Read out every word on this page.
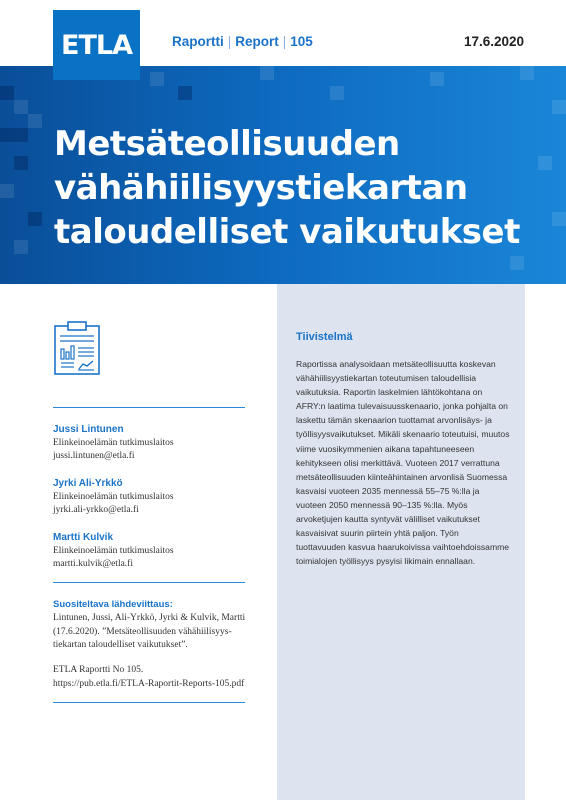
ETLA	Raportti | Report | 105	17.6.2020
Metsäteollisuuden
vähähiilisyystiekartan
taloudelliset vaikutukset
Jussi Lintunen
Elinkeinoelämän tutkimuslaitos
jussi.lintunen@etla.fi
Jyrki Ali-Yrkkö
Elinkeinoelämän tutkimuslaitos
jyrki.ali-yrkko@etla.fi
Martti Kulvik
Elinkeinoelämän tutkimuslaitos
martti.kulvik@etla.fi
Suositeltava lähdeviittaus:

Lintunen, Jussi, Ali-Yrkkö, Jyrki & Kulvik, Martti
(17.6.2020). ”Metsäteollisuuden vähähiilisyys-
tiekartan taloudelliset vaikutukset”.

ETLA Raportti No 105.
https://pub.etla.fi/ETLA-Raportit-Reports-105.pdf

Tiivistelmä

Raportissa analysoidaan metsäteollisuutta koskevan vähähiilisyystiekartan toteutumisen taloudellisia vaikutuksia. Raportin laskelmien lähtökohtana on AFRY:n laatima tulevaisuusskenaario, jonka pohjalta on laskettu tämän skenaarion tuottamat arvonlisäys- ja työllisyysvaikutukset. Mikäli skenaario toteutuisi, muutos viime vuosikymmenien aikana tapahtuneeseen kehitykseen olisi merkittävä. Vuoteen 2017 verrattuna metsäteollisuuden kiinteähintainen arvonlisä Suomessa kasvaisi vuoteen 2035 mennessä 55–75 %:lla ja vuoteen 2050 mennessä 90–135 %:lla. Myös arvoketjujen kautta syntyvät välilliset vaikutukset kasvaisivat suurin piirtein yhtä paljon. Työn tuottavuuden kasvua haarukoivissa vaihtoehdoissamme toimialojen työllisyys pysyisi likimain ennallaan.
